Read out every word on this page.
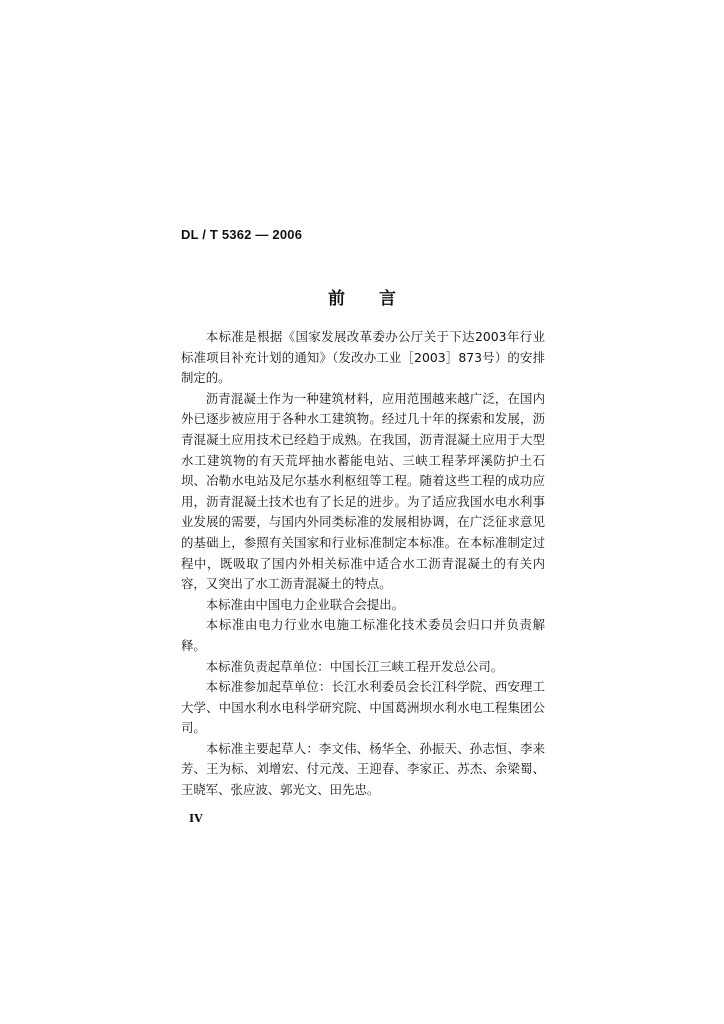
DL / T 5362 — 2006
前言

本标准是根据《国家发展改革委办公厅关于下达2003年行业标准项目补充计划的通知》（发改办工业［2003］873号）的安排制定的。

沥青混凝土作为一种建筑材料，应用范围越来越广泛，在国内外已逐步被应用于各种水工建筑物。经过几十年的探索和发展，沥青混凝土应用技术已经趋于成熟。在我国，沥青混凝土应用于大型水工建筑物的有天荒坪抽水蓄能电站、三峡工程茅坪溪防护土石坝、冶勒水电站及尼尔基水利枢纽等工程。随着这些工程的成功应用，沥青混凝土技术也有了长足的进步。为了适应我国水电水利事业发展的需要，与国内外同类标准的发展相协调，在广泛征求意见的基础上，参照有关国家和行业标准制定本标准。在本标准制定过程中，既吸取了国内外相关标准中适合水工沥青混凝土的有关内容，又突出了水工沥青混凝土的特点。

本标准由中国电力企业联合会提出。

本标准由电力行业水电施工标准化技术委员会归口并负责解释。

本标准负责起草单位：中国长江三峡工程开发总公司。

本标准参加起草单位：长江水利委员会长江科学院、西安理工大学、中国水利水电科学研究院、中国葛洲坝水利水电工程集团公司。

本标准主要起草人：李文伟、杨华全、孙振天、孙志恒、李来芳、王为标、刘增宏、付元茂、王迎春、李家正、苏杰、余梁蜀、王晓军、张应波、郭光文、田先忠。

IV
